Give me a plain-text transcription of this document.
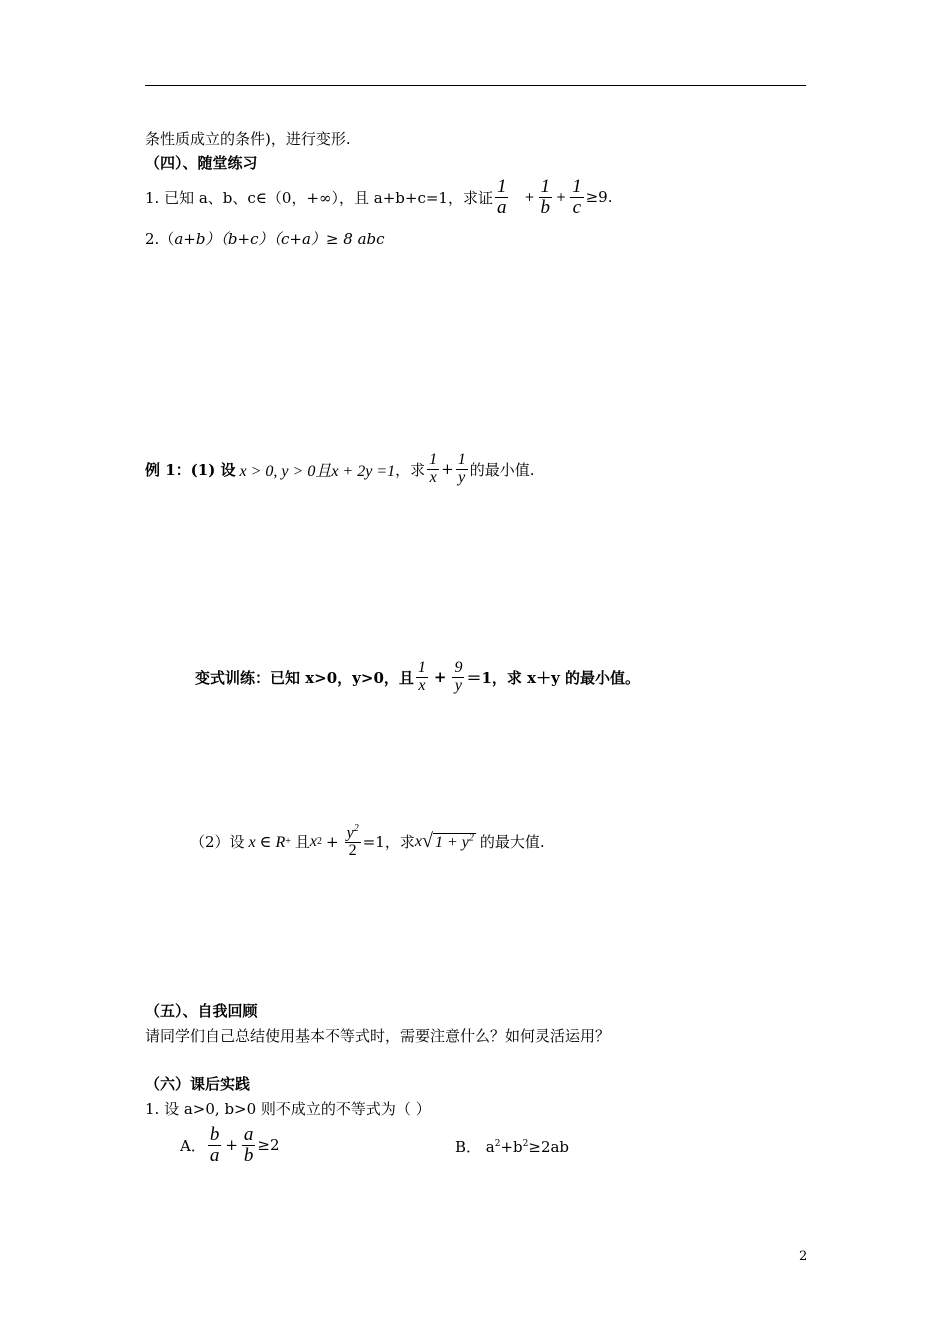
条性质成立的条件)，进行变形.
（四）、随堂练习
1. 已知 a、b、c∈（0，+∞），且 a+b+c=1，求证 $\frac{1}{a} + \frac{1}{b} + \frac{1}{c} \ge 9$.
2.（a+b）（b+c）（c+a）≥ 8 abc
例 1：(1) 设 x > 0, y > 0且x + 2y =1 ，求 $\frac{1}{x} + \frac{1}{y}$ 的最小值.
变式训练：已知 x>0，y>0，且 $\frac{1}{x} + \frac{9}{y} =1$，求 x＋y 的最小值。
（2）设 x ∈ R + 且 x $2 + \frac{y^2}{2} =1$，求 x √ $1 + y^2$ 的最大值.
（五）、自我回顾
请同学们自己总结使用基本不等式时，需要注意什么？如何灵活运用？
（六）课后实践
1. 设 a>0, b>0 则不成立的不等式为（ ）
A． $\frac{b}{a} + \frac{a}{b} \ge 2$	B． $a^2+b^2\ge 2ab$
2
